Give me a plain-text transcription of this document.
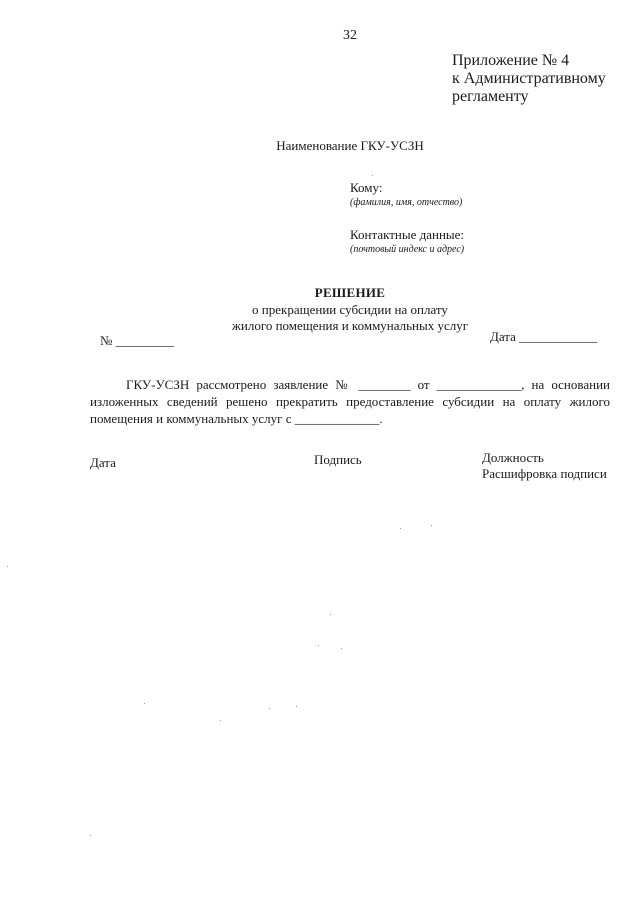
32
Приложение № 4
к Административному
регламенту
Наименование ГКУ-УСЗН
Кому:
(фамилия, имя, отчество)
Контактные данные:
(почтовый индекс и адрес)
РЕШЕНИЕ
о прекращении субсидии на оплату
жилого помещения и коммунальных услуг
№ _________	Дата ____________

ГКУ-УСЗН рассмотрено заявление № ________ от _____________, на основании изложенных сведений решено прекратить предоставление субсидии на оплату жилого помещения и коммунальных услуг с _____________.

Дата	Подпись	Должность
Расшифровка подписи
